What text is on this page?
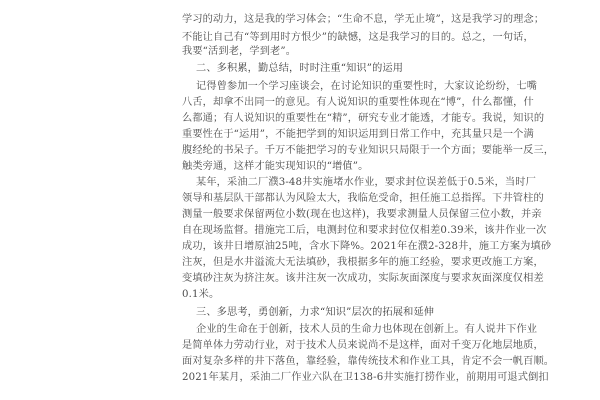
学习的动力，这是我的学习体会；“生命不息，学无止境”，这是我学习的理念；
不能让自己有“等到用时方恨少”的缺憾，这是我学习的目的。总之，一句话，
我要“活到老，学到老”。
二、多积累，勤总结，时时注重“知识”的运用
记得曾参加一个学习座谈会，在讨论知识的重要性时，大家议论纷纷，七嘴
八舌，却拿不出同一的意见。有人说知识的重要性体现在“博”，什么都懂，什
么都通；有人说知识的重要性在“精”，研究专业才能透，才能专。我说，知识的
重要性在于“运用”，不能把学到的知识运用到日常工作中，充其量只是一个满
腹经纶的书呆子。千万不能把学习的专业知识只局限于一个方面；要能举一反三，
触类旁通，这样才能实现知识的“增值”。
某年，采油二厂濮3-48井实施堵水作业，要求封位误差低于0.5米，当时厂
领导和基层队干部都认为风险太大，我临危受命，担任施工总指挥。下井管柱的
测量一般要求保留两位小数(现在也这样)，我要求测量人员保留三位小数，并亲
自在现场监督。措施完工后，电测封位和要求封位仅相差0.39米，该井作业一次
成功，该井日增原油25吨，含水下降%。2021年在濮2-328井，施工方案为填砂
注灰，但是水井溢流大无法填砂，我根据多年的施工经验，要求更改施工方案，
变填砂注灰为挤注灰。该井注灰一次成功，实际灰面深度与要求灰面深度仅相差
0.1米。
三、多思考，勇创新，力求“知识”层次的拓展和延伸
企业的生命在于创新，技术人员的生命力也体现在创新上。有人说井下作业
是简单体力劳动行业，对于技术人员来说尚不是这样，面对千变万化地层地质，
面对复杂多样的井下落鱼，靠经验，靠传统技术和作业工具，肯定不会一帆百顺。
2021年某月，采油二厂作业六队在卫138-6井实施打捞作业，前期用可退式倒扣
